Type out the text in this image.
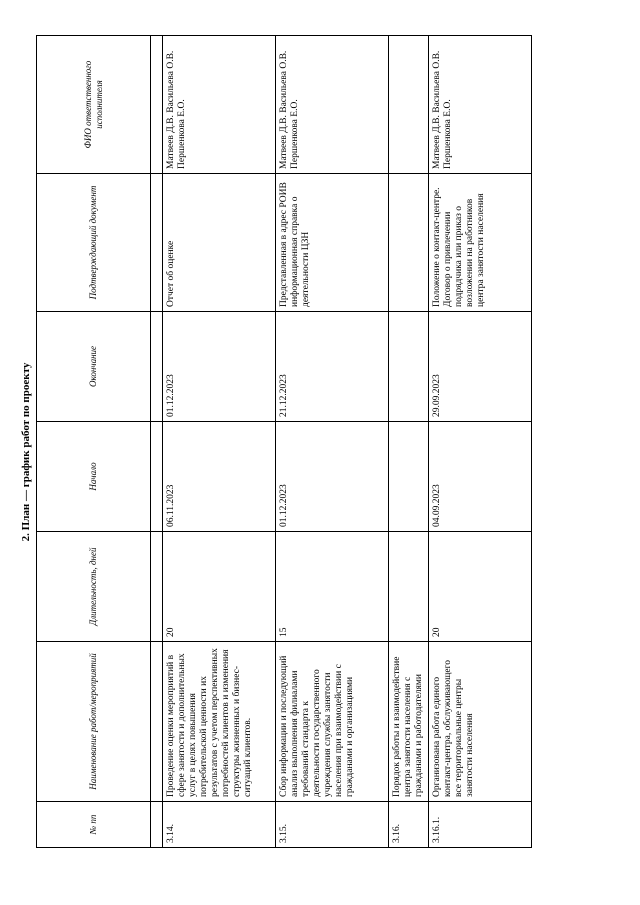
2. План — график работ по проекту
№ пп	Наименование работ/мероприятий	Длительность, дней	Начало	Окончание	Подтверждающий документ	ФИО ответственного исполнителя

3.14.	Проведение оценки мероприятий в сфере занятости и дополнительных услуг в целях повышения потребительской ценности их результатов с учетом перспективных потребностей клиентов и изменения структуры жизненных и бизнес-ситуаций клиентов.	20	06.11.2023	01.12.2023	Отчет об оценке	Матвеев Д.В. Васильева О.В. Першенкова Е.О.
3.15.	Сбор информации и последующий анализ выполнения филиалами требований стандарта к деятельности государственного учреждения службы занятости населения при взаимодействии с гражданами и организациями	15	01.12.2023	21.12.2023	Представленная в адрес РОИВ информационная справка о деятельности ЦЗН	Матвеев Д.В. Васильева О.В. Першенкова Е.О.
3.16.	Порядок работы и взаимодействие центра занятости населения с гражданами и работодателями					
3.16.1.	Организована работа единого контакт-центра, обслуживающего все территориальные центры занятости населения	20	04.09.2023	29.09.2023	Положение о контакт-центре. Договор о привлечении подрядчика или приказ о возложении на работников центра занятости населения	Матвеев Д.В. Васильева О.В. Першенкова Е.О.
